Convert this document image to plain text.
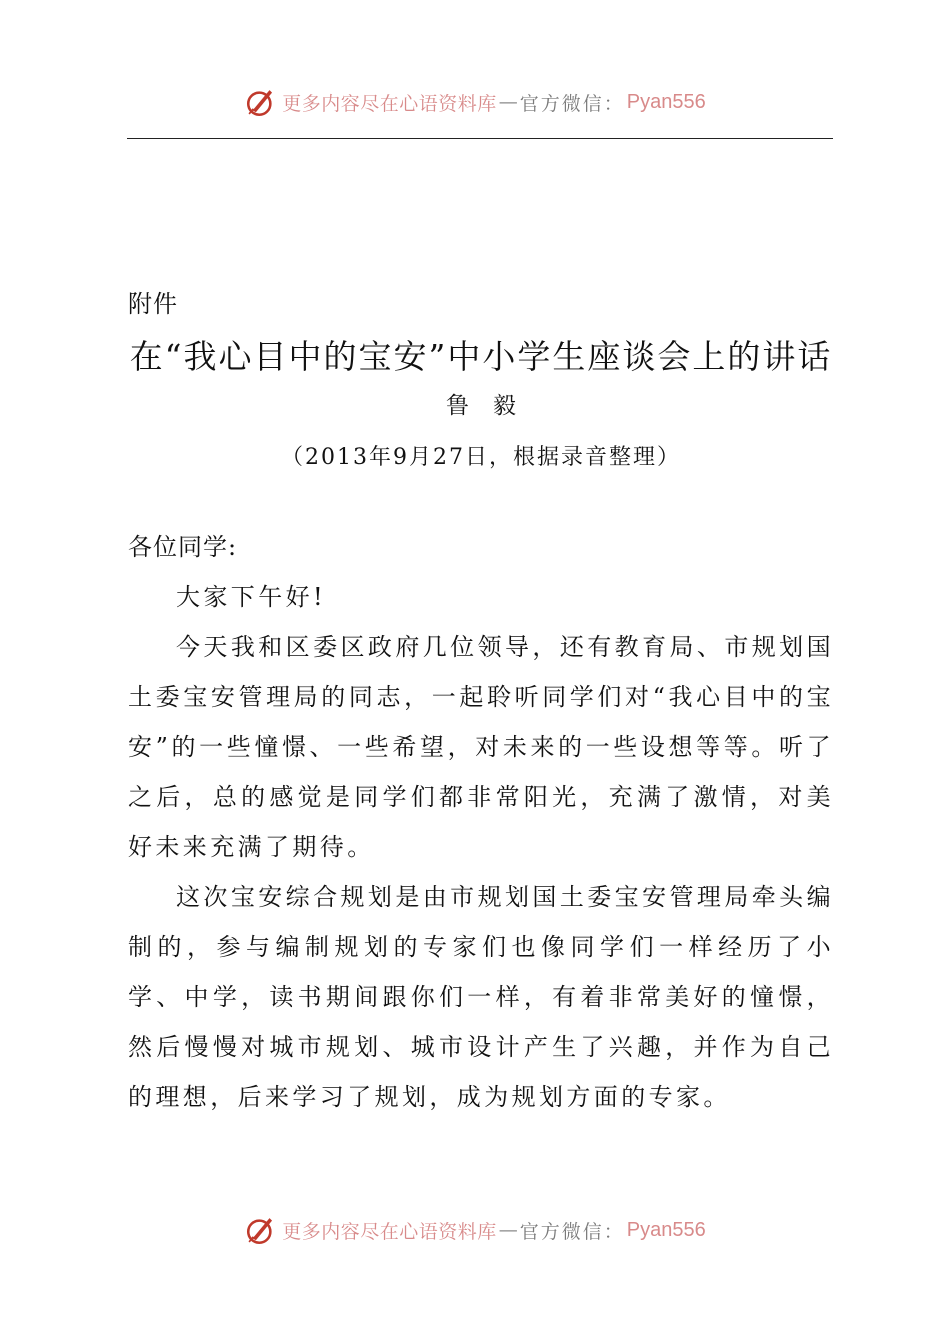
更多内容尽在心语资料库 — 官方微信： Pyan556
附件
在“我心目中的宝安”中小学生座谈会上的讲话
鲁毅
（2013年9月27日，根据录音整理）
各位同学:

大家下午好!

今天我和区委区政府几位领导，还有教育局、市规划国土委宝安管理局的同志，一起聆听同学们对“我心目中的宝安”的一些憧憬、一些希望，对未来的一些设想等等。听了之后，总的感觉是同学们都非常阳光，充满了激情，对美好未来充满了期待。

这次宝安综合规划是由市规划国土委宝安管理局牵头编制的，参与编制规划的专家们也像同学们一样经历了小学、中学，读书期间跟你们一样，有着非常美好的憧憬，然后慢慢对城市规划、城市设计产生了兴趣，并作为自己的理想，后来学习了规划，成为规划方面的专家。

更多内容尽在心语资料库 — 官方微信： Pyan556
